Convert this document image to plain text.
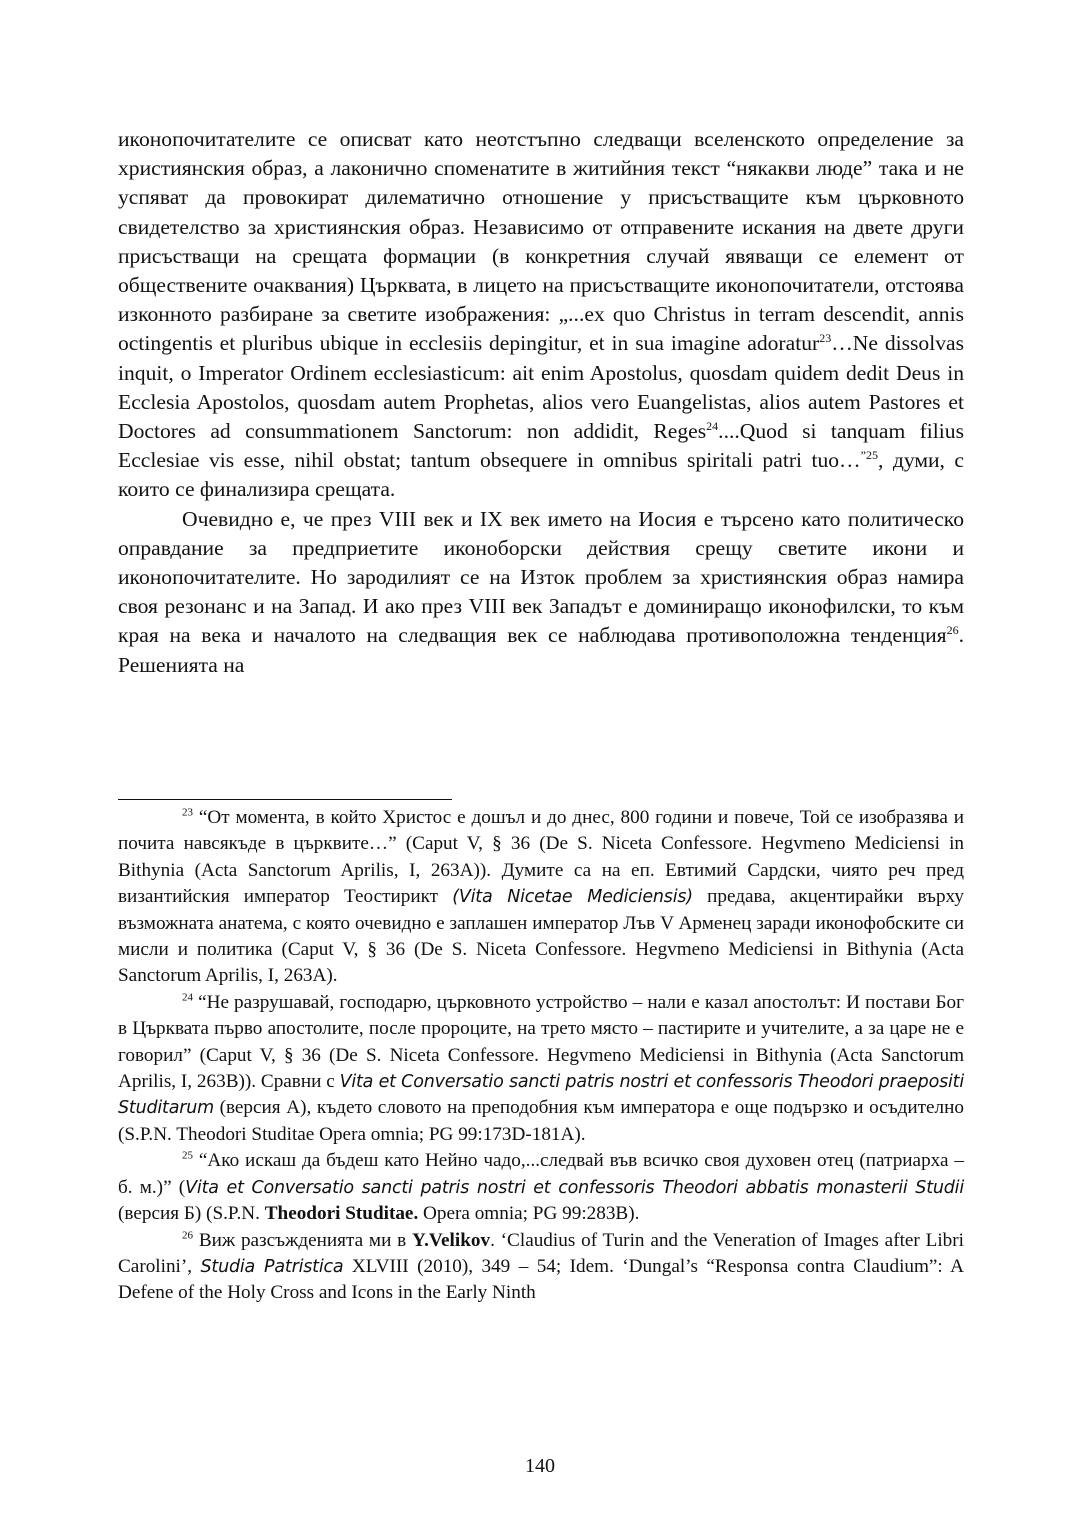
иконопочитателите се описват като неотстъпно следващи вселенското определение за християнския образ, а лаконично споменатите в житийния текст “някакви люде” така и не успяват да провокират дилематично отношение у присъстващите към църковното свидетелство за християнския образ. Независимо от отправените искания на двете други присъстващи на срещата формации (в конкретния случай явяващи се елемент от обществените очаквания) Църквата, в лицето на присъстващите иконопочитатели, отстоява изконното разбиране за светите изображения: „...ex quo Christus in terram descendit, annis octingentis et pluribus ubique in ecclesiis depingitur, et in sua imagine adoratur$^{23}$…Ne dissolvas inquit, o Imperator Ordinem ecclesiasticum: ait enim Apostolus, quosdam quidem dedit Deus in Ecclesia Apostolos, quosdam autem Prophetas, alios vero Euangelistas, alios autem Pastores et Doctores ad consummationem Sanctorum: non addidit, Reges$^{24}$....Quod si tanquam filius Ecclesiae vis esse, nihil obstat; tantum obsequere in omnibus spiritali patri tuo…$^{”25}$, думи, с които се финализира срещата.

Очевидно е, че през VIII век и IX век името на Иосия е търсено като политическо оправдание за предприетите иконоборски действия срещу светите икони и иконопочитателите. Но зародилият се на Изток проблем за християнския образ намира своя резонанс и на Запад. И ако през VIII век Западът е доминиращо иконофилски, то към края на века и началото на следващия век се наблюдава противоположна тенденция$^{26}$. Решенията на

$^{23}$ “От момента, в който Христос е дошъл и до днес, 800 години и повече, Той се изобразява и почита навсякъде в църквите…” (Caput V, § 36 (De S. Niceta Confessore. Hegvmeno Mediciensi in Bithynia (Acta Sanctorum Aprilis, I, 263A)). Думите са на еп. Евтимий Сардски, чиято реч пред византийския император Теостирикт (Vita Nicetae Mediciensis) предава, акцентирайки върху възможната анатема, с която очевидно е заплашен император Лъв V Арменец заради иконофобските си мисли и политика (Caput V, § 36 (De S. Niceta Confessore. Hegvmeno Mediciensi in Bithynia (Acta Sanctorum Aprilis, I, 263A).

$^{24}$ “Не разрушавай, господарю, църковното устройство – нали е казал апостолът: И постави Бог в Църквата първо апостолите, после пророците, на трето място – пастирите и учителите, а за царе не е говорил” (Caput V, § 36 (De S. Niceta Confessore. Hegvmeno Mediciensi in Bithynia (Acta Sanctorum Aprilis, I, 263B)). Сравни с Vita et Conversatio sancti patris nostri et confessoris Theodori praepositi Studitarum (версия А), където словото на преподобния към императора е още подързко и осъдително (S.P.N. Theodori Studitae Opera omnia; PG 99:173D-181A).

$^{25}$ “Ако искаш да бъдеш като Нейно чадо,...следвай във всичко своя духовен отец (патриарха – б. м.)” (Vita et Conversatio sancti patris nostri et confessoris Theodori abbatis monasterii Studii (версия Б) (S.P.N. Theodori Studitae. Opera omnia; PG 99:283B).

$^{26}$ Виж разсъжденията ми в Y.Velikov. ‘Claudius of Turin and the Veneration of Images after Libri Carolini’, Studia Patristica XLVIII (2010), 349 – 54; Idem. ‘Dungal’s “Responsa contra Claudium”: A Defene of the Holy Cross and Icons in the Early Ninth

140
